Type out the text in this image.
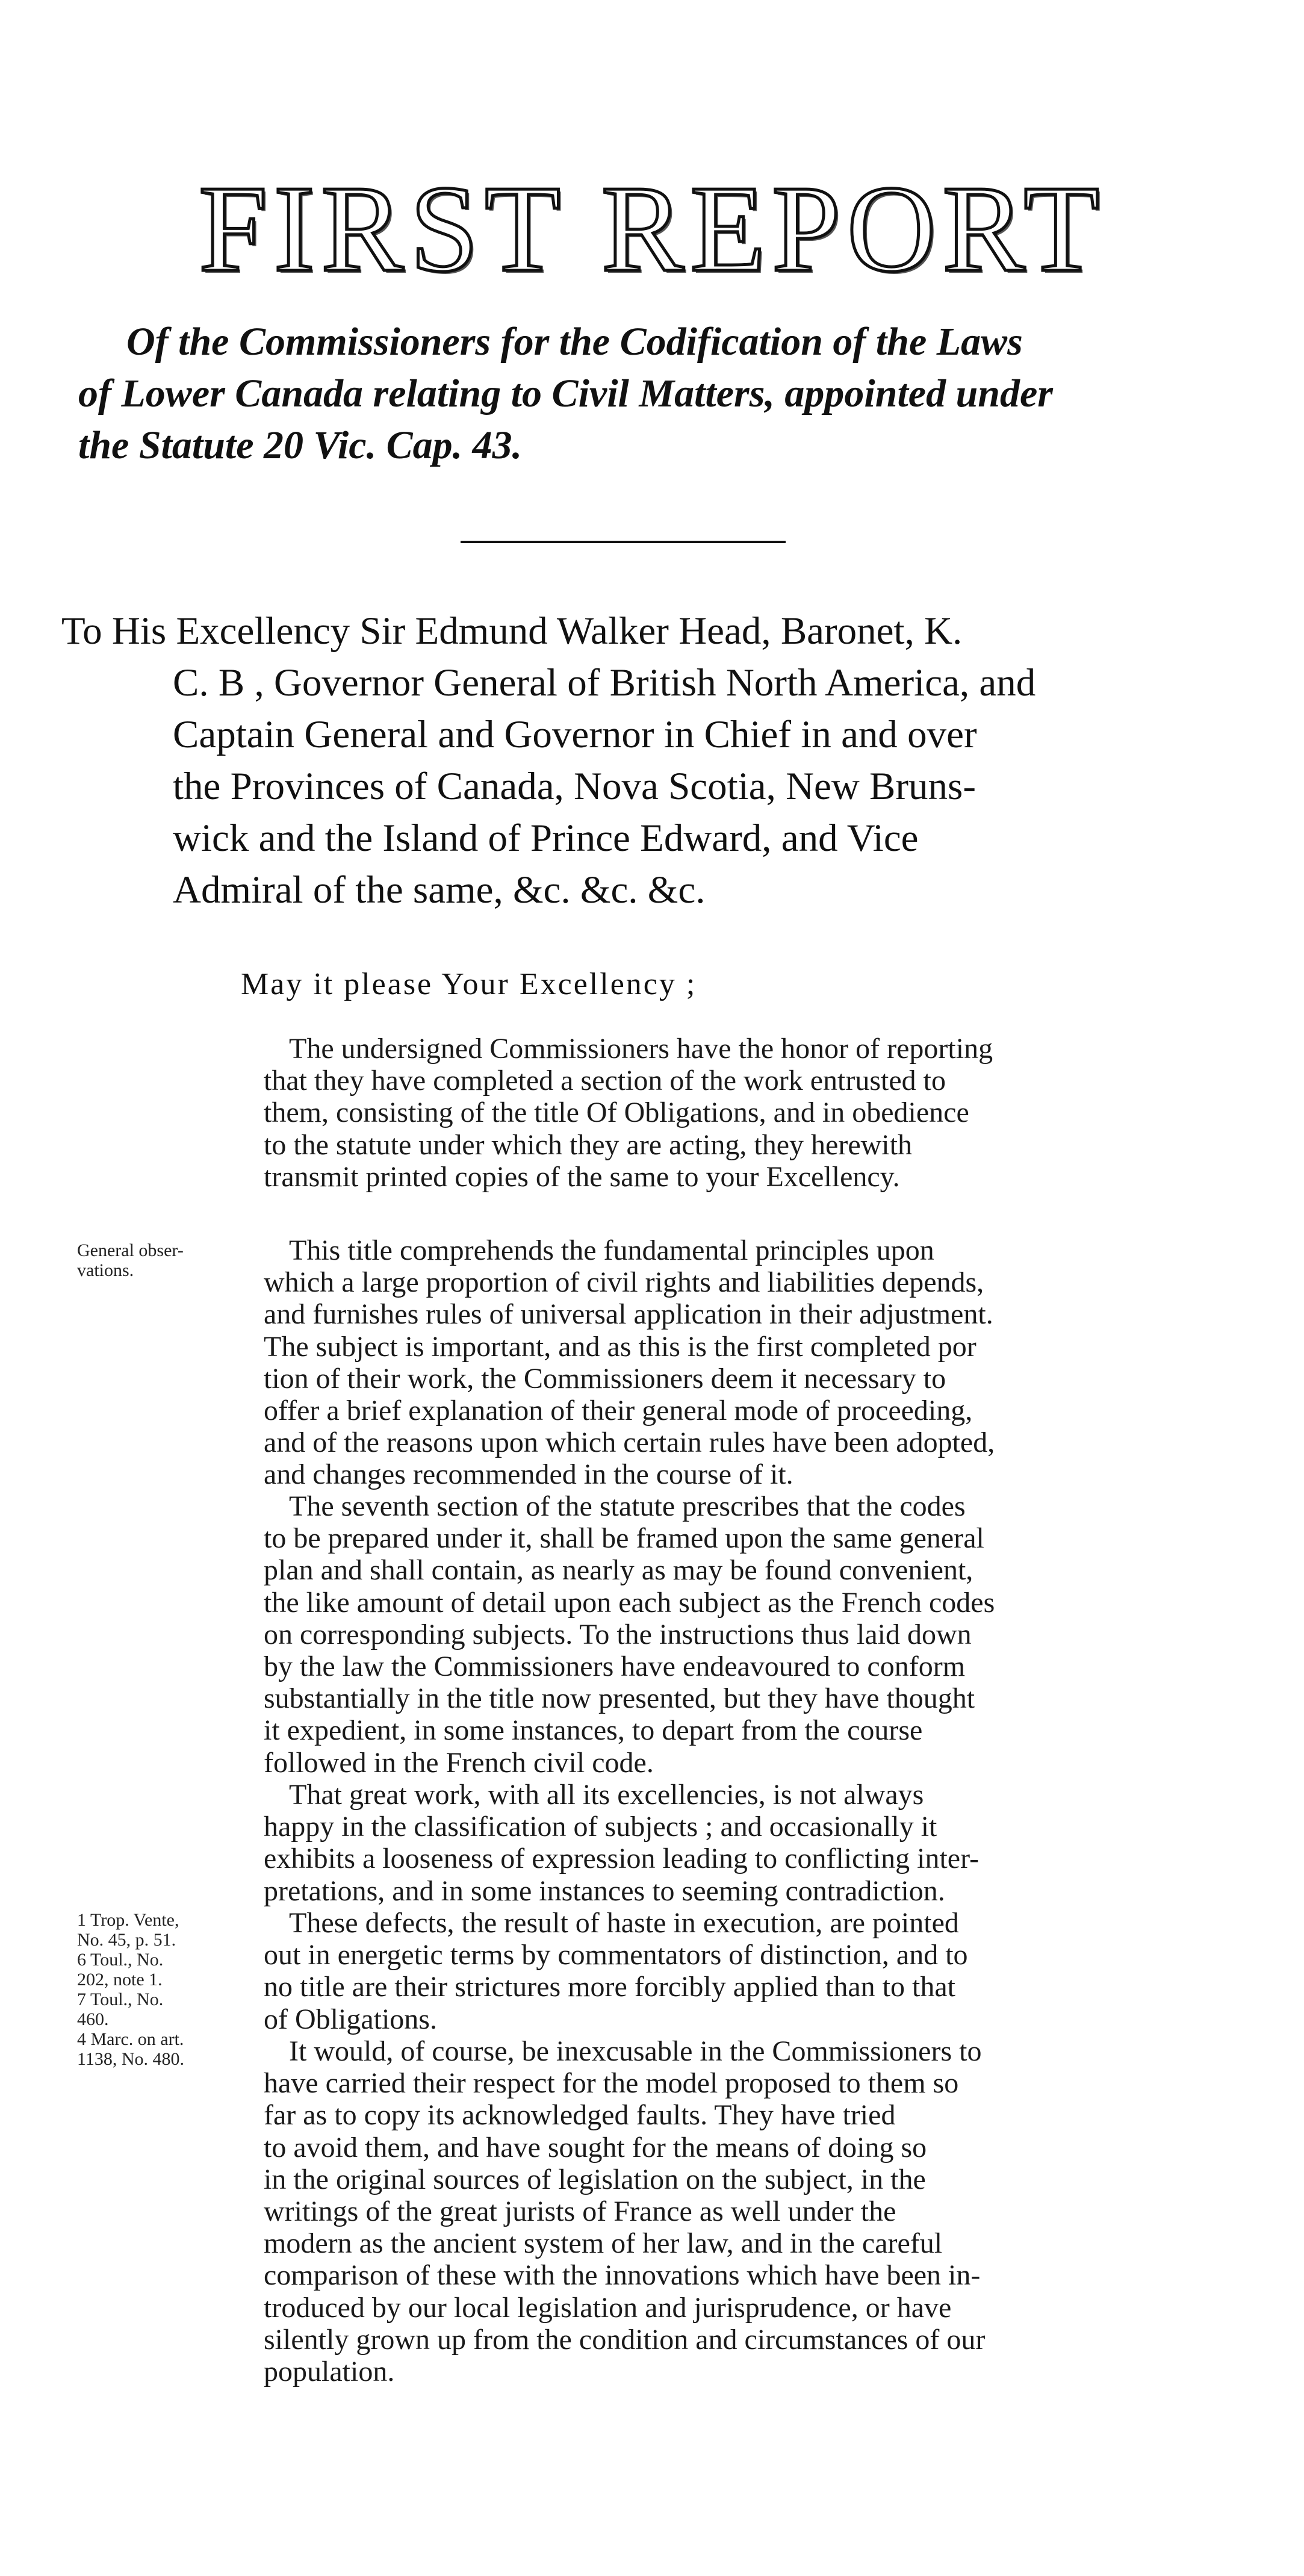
FIRST REPORT
Of the Commissioners for the Codification of the Laws
of Lower Canada relating to Civil Matters, appointed under
the Statute 20 Vic. Cap. 43.
To His Excellency Sir Edmund Walker Head, Baronet, K.
C. B , Governor General of British North America, and
Captain General and Governor in Chief in and over
the Provinces of Canada, Nova Scotia, New Bruns-
wick and the Island of Prince Edward, and Vice
Admiral of the same, &c. &c. &c.
May it please Your Excellency ;
The undersigned Commissioners have the honor of reporting
that they have completed a section of the work entrusted to
them, consisting of the title Of Obligations, and in obedience
to the statute under which they are acting, they herewith
transmit printed copies of the same to your Excellency.
This title comprehends the fundamental principles upon
which a large proportion of civil rights and liabilities depends,
and furnishes rules of universal application in their adjustment.
The subject is important, and as this is the first completed por
tion of their work, the Commissioners deem it necessary to
offer a brief explanation of their general mode of proceeding,
and of the reasons upon which certain rules have been adopted,
and changes recommended in the course of it.
The seventh section of the statute prescribes that the codes
to be prepared under it, shall be framed upon the same general
plan and shall contain, as nearly as may be found convenient,
the like amount of detail upon each subject as the French codes
on corresponding subjects. To the instructions thus laid down
by the law the Commissioners have endeavoured to conform
substantially in the title now presented, but they have thought
it expedient, in some instances, to depart from the course
followed in the French civil code.
That great work, with all its excellencies, is not always
happy in the classification of subjects ; and occasionally it
exhibits a looseness of expression leading to conflicting inter-
pretations, and in some instances to seeming contradiction.
These defects, the result of haste in execution, are pointed
out in energetic terms by commentators of distinction, and to
no title are their strictures more forcibly applied than to that
of Obligations.
It would, of course, be inexcusable in the Commissioners to
have carried their respect for the model proposed to them so
far as to copy its acknowledged faults. They have tried
to avoid them, and have sought for the means of doing so
in the original sources of legislation on the subject, in the
writings of the great jurists of France as well under the
modern as the ancient system of her law, and in the careful
comparison of these with the innovations which have been in-
troduced by our local legislation and jurisprudence, or have
silently grown up from the condition and circumstances of our
population.
General obser-
vations.
1 Trop. Vente,
No. 45, p. 51.
6 Toul., No.
202, note 1.
7 Toul., No.
460.
4 Marc. on art.
1138, No. 480.
